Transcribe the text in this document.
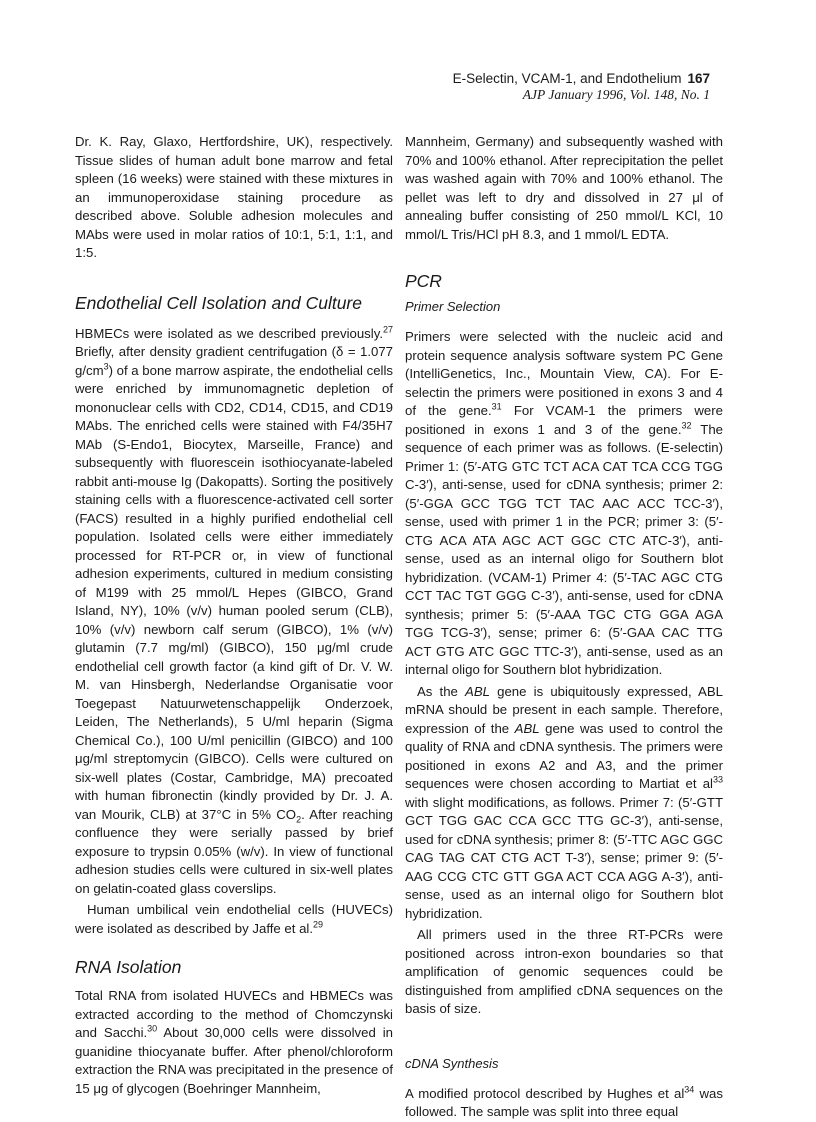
E-Selectin, VCAM-1, and Endothelium 167
AJP January 1996, Vol. 148, No. 1

Dr. K. Ray, Glaxo, Hertfordshire, UK), respectively. Tissue slides of human adult bone marrow and fetal spleen (16 weeks) were stained with these mixtures in an immunoperoxidase staining procedure as described above. Soluble adhesion molecules and MAbs were used in molar ratios of 10:1, 5:1, 1:1, and 1:5.

Endothelial Cell Isolation and Culture

HBMECs were isolated as we described previously.$^{27}$ Briefly, after density gradient centrifugation (δ = 1.077 $g/cm^3$) of a bone marrow aspirate, the endothelial cells were enriched by immunomagnetic depletion of mononuclear cells with CD2, CD14, CD15, and CD19 MAbs. The enriched cells were stained with F4/35H7 MAb (S-Endo1, Biocytex, Marseille, France) and subsequently with fluorescein isothiocyanate-labeled rabbit anti-mouse Ig (Dakopatts). Sorting the positively staining cells with a fluorescence-activated cell sorter (FACS) resulted in a highly purified endothelial cell population. Isolated cells were either immediately processed for RT-PCR or, in view of functional adhesion experiments, cultured in medium consisting of M199 with 25 mmol/L Hepes (GIBCO, Grand Island, NY), 10% (v/v) human pooled serum (CLB), 10% (v/v) newborn calf serum (GIBCO), 1% (v/v) glutamin (7.7 mg/ml) (GIBCO), 150 μg/ml crude endothelial cell growth factor (a kind gift of Dr. V. W. M. van Hinsbergh, Nederlandse Organisatie voor Toegepast Natuurwetenschappelijk Onderzoek, Leiden, The Netherlands), 5 U/ml heparin (Sigma Chemical Co.), 100 U/ml penicillin (GIBCO) and 100 μg/ml streptomycin (GIBCO). Cells were cultured on six-well plates (Costar, Cambridge, MA) precoated with human fibronectin (kindly provided by Dr. J. A. van Mourik, CLB) at 37°C in 5% $CO_2$. After reaching confluence they were serially passed by brief exposure to trypsin 0.05% (w/v). In view of functional adhesion studies cells were cultured in six-well plates on gelatin-coated glass coverslips.

Human umbilical vein endothelial cells (HUVECs) were isolated as described by Jaffe et al.$^{29}$

RNA Isolation

Total RNA from isolated HUVECs and HBMECs was extracted according to the method of Chomczynski and Sacchi.$^{30}$ About 30,000 cells were dissolved in guanidine thiocyanate buffer. After phenol/chloroform extraction the RNA was precipitated in the presence of 15 μg of glycogen (Boehringer Mannheim,

Mannheim, Germany) and subsequently washed with 70% and 100% ethanol. After reprecipitation the pellet was washed again with 70% and 100% ethanol. The pellet was left to dry and dissolved in 27 μl of annealing buffer consisting of 250 mmol/L KCl, 10 mmol/L Tris/HCl pH 8.3, and 1 mmol/L EDTA.

PCR
Primer Selection

Primers were selected with the nucleic acid and protein sequence analysis software system PC Gene (IntelliGenetics, Inc., Mountain View, CA). For E-selectin the primers were positioned in exons 3 and 4 of the gene.$^{31}$ For VCAM-1 the primers were positioned in exons 1 and 3 of the gene.$^{32}$ The sequence of each primer was as follows. (E-selectin) Primer 1: (5′-ATG GTC TCT ACA CAT TCA CCG TGG C-3′), anti-sense, used for cDNA synthesis; primer 2: (5′-GGA GCC TGG TCT TAC AAC ACC TCC-3′), sense, used with primer 1 in the PCR; primer 3: (5′-CTG ACA ATA AGC ACT GGC CTC ATC-3′), anti-sense, used as an internal oligo for Southern blot hybridization. (VCAM-1) Primer 4: (5′-TAC AGC CTG CCT TAC TGT GGG C-3′), anti-sense, used for cDNA synthesis; primer 5: (5′-AAA TGC CTG GGA AGA TGG TCG-3′), sense; primer 6: (5′-GAA CAC TTG ACT GTG ATC GGC TTC-3′), anti-sense, used as an internal oligo for Southern blot hybridization.

As the ABL gene is ubiquitously expressed, ABL mRNA should be present in each sample. Therefore, expression of the ABL gene was used to control the quality of RNA and cDNA synthesis. The primers were positioned in exons A2 and A3, and the primer sequences were chosen according to Martiat et $al^{33}$ with slight modifications, as follows. Primer 7: (5′-GTT GCT TGG GAC CCA GCC TTG GC-3′), anti-sense, used for cDNA synthesis; primer 8: (5′-TTC AGC GGC CAG TAG CAT CTG ACT T-3′), sense; primer 9: (5′-AAG CCG CTC GTT GGA ACT CCA AGG A-3′), anti-sense, used as an internal oligo for Southern blot hybridization.

All primers used in the three RT-PCRs were positioned across intron-exon boundaries so that amplification of genomic sequences could be distinguished from amplified cDNA sequences on the basis of size.

cDNA Synthesis

A modified protocol described by Hughes et $al^{34}$ was followed. The sample was split into three equal
